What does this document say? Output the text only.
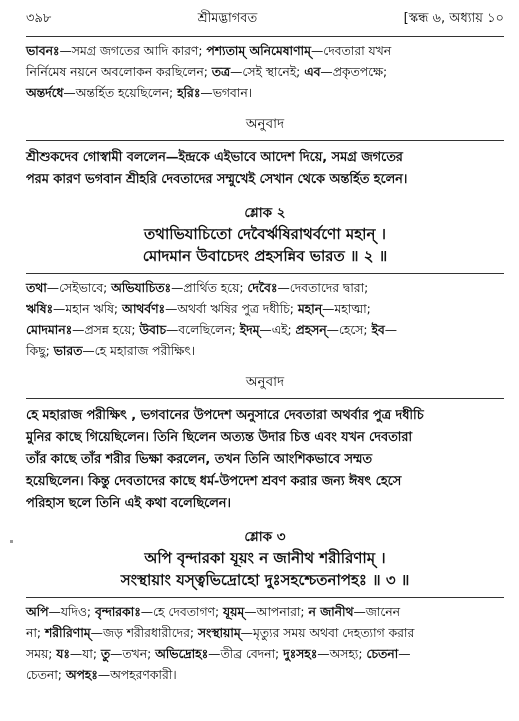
৩৯৮	শ্রীমদ্ভাগবত	[স্কন্ধ ৬, অধ্যায় ১০

ভাবনঃ—সমগ্র জগতের আদি কারণ; পশ্যতাম্ অনিমেষাণাম্—দেবতারা যখন

নির্নিমেষ নয়নে অবলোকন করছিলেন; তত্র—সেই স্থানেই; এব—প্রকৃতপক্ষে;

অন্তর্দধে—অন্তর্হিত হয়েছিলেন; হরিঃ—ভগবান।

অনুবাদ

শ্রীশুকদেব গোস্বামী বললেন—ইন্দ্রকে এইভাবে আদেশ দিয়ে, সমগ্র জগতের

পরম কারণ ভগবান শ্রীহরি দেবতাদের সম্মুখেই সেখান থেকে অন্তর্হিত হলেন।

শ্লোক ২

তথাভিযাচিতো দেবৈর্ঋষিরাথর্বণো মহান্ ।

মোদমান উবাচেদং প্রহসন্নিব ভারত ॥ ২ ॥

তথা—সেইভাবে; অভিযাচিতঃ—প্রার্থিত হয়ে; দেবৈঃ—দেবতাদের দ্বারা;

ঋষিঃ—মহান ঋষি; আথর্বণঃ—অথর্বা ঋষির পুত্র দধীচি; মহান্—মহাত্মা;

মোদমানঃ—প্রসন্ন হয়ে; উবাচ—বলেছিলেন; ইদম্—এই; প্রহসন্—হেসে; ইব—

কিছু; ভারত—হে মহারাজ পরীক্ষিৎ।

অনুবাদ

হে মহারাজ পরীক্ষিৎ , ভগবানের উপদেশ অনুসারে দেবতারা অথর্বার পুত্র দধীচি

মুনির কাছে গিয়েছিলেন। তিনি ছিলেন অত্যন্ত উদার চিত্ত এবং যখন দেবতারা

তাঁর কাছে তাঁর শরীর ভিক্ষা করলেন, তখন তিনি আংশিকভাবে সম্মত

হয়েছিলেন। কিন্তু দেবতাদের কাছে ধর্ম-উপদেশ শ্রবণ করার জন্য ঈষৎ হেসে

পরিহাস ছলে তিনি এই কথা বলেছিলেন।

শ্লোক ৩

অপি বৃন্দারকা যূয়ং ন জানীথ শরীরিণাম্ ।

সংস্থায়াং যস্ত্বভিদ্রোহো দুঃসহশ্চেতনাপহঃ ॥ ৩ ॥

অপি—যদিও; বৃন্দারকাঃ—হে দেবতাগণ; যূয়ম্—আপনারা; ন জানীথ—জানেন

না; শরীরিণাম্—জড় শরীরধারীদের; সংস্থায়াম্—মৃত্যুর সময় অথবা দেহত্যাগ করার

সময়; যঃ—যা; তু—তখন; অভিদ্রোহঃ—তীব্র বেদনা; দুঃসহঃ—অসহ্য; চেতনা—

চেতনা; অপহঃ—অপহরণকারী।
